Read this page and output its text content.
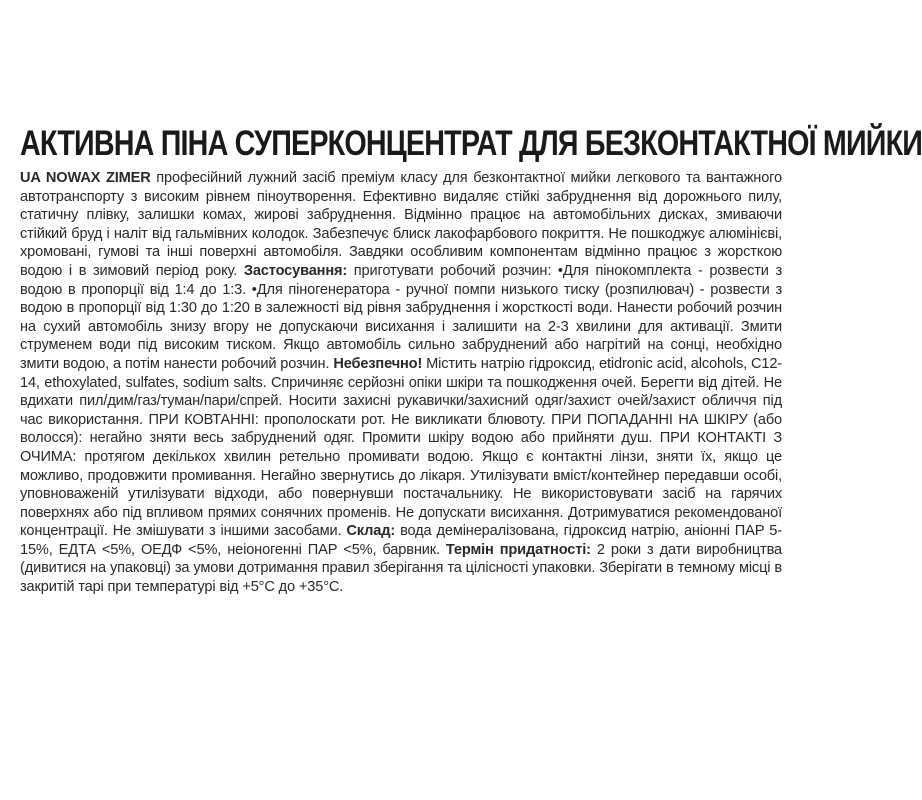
АКТИВНА ПІНА СУПЕРКОНЦЕНТРАТ ДЛЯ БЕЗКОНТАКТНОЇ МИЙКИ

UA NOWAX ZIMER професійний лужний засіб преміум класу для безконтактної мийки легкового та вантажного автотранспорту з високим рівнем піноутворення. Ефективно видаляє стійкі забруднення від дорожнього пилу, статичну плівку, залишки комах, жирові забруднення. Відмінно працює на автомобільних дисках, змиваючи стійкий бруд і наліт від гальмівних колодок. Забезпечує блиск лакофарбового покриття. Не пошкоджує алюмінієві, хромовані, гумові та інші поверхні автомобіля. Завдяки особливим компонентам відмінно працює з жорсткою водою і в зимовий період року. Застосування: приготувати робочий розчин: •Для пінокомплекта - розвести з водою в пропорції від 1:4 до 1:3. •Для піногенератора - ручної помпи низького тиску (розпилювач) - розвести з водою в пропорції від 1:30 до 1:20 в залежності від рівня забруднення і жорсткості води. Нанести робочий розчин на сухий автомобіль знизу вгору не допускаючи висихання і залишити на 2-3 хвилини для активації. Змити струменем води під високим тиском. Якщо автомобіль сильно забруднений або нагрітий на сонці, необхідно змити водою, а потім нанести робочий розчин. Небезпечно! Містить натрію гідроксид, etidronic acid, alcohols, C12-14, ethoxylated, sulfates, sodium salts. Спричиняє серйозні опіки шкіри та пошкодження очей. Берегти від дітей. Не вдихати пил/дим/газ/туман/пари/спрей. Носити захисні рукавички/захисний одяг/захист очей/захист обличчя під час використання. ПРИ КОВТАННІ: прополоскати рот. Не викликати блювоту. ПРИ ПОПАДАННІ НА ШКІРУ (або волосся): негайно зняти весь забруднений одяг. Промити шкіру водою або прийняти душ. ПРИ КОНТАКТІ З ОЧИМА: протягом декількох хвилин ретельно промивати водою. Якщо є контактні лінзи, зняти їх, якщо це можливо, продовжити промивання. Негайно звернутись до лікаря. Утилізувати вміст/контейнер передавши особі, уповноваженій утилізувати відходи, або повернувши постачальнику. Не використовувати засіб на гарячих поверхнях або під впливом прямих сонячних променів. Не допускати висихання. Дотримуватися рекомендованої концентрації. Не змішувати з іншими засобами. Склад: вода демінералізована, гідроксид натрію, аніонні ПАР 5-15%, ЕДТА <5%, ОЕДФ <5%, неіоногенні ПАР <5%, барвник. Термін придатності: 2 роки з дати виробництва (дивитися на упаковці) за умови дотримання правил зберігання та цілісності упаковки. Зберігати в темному місці в закритій тарі при температурі від +5°С до +35°С.
